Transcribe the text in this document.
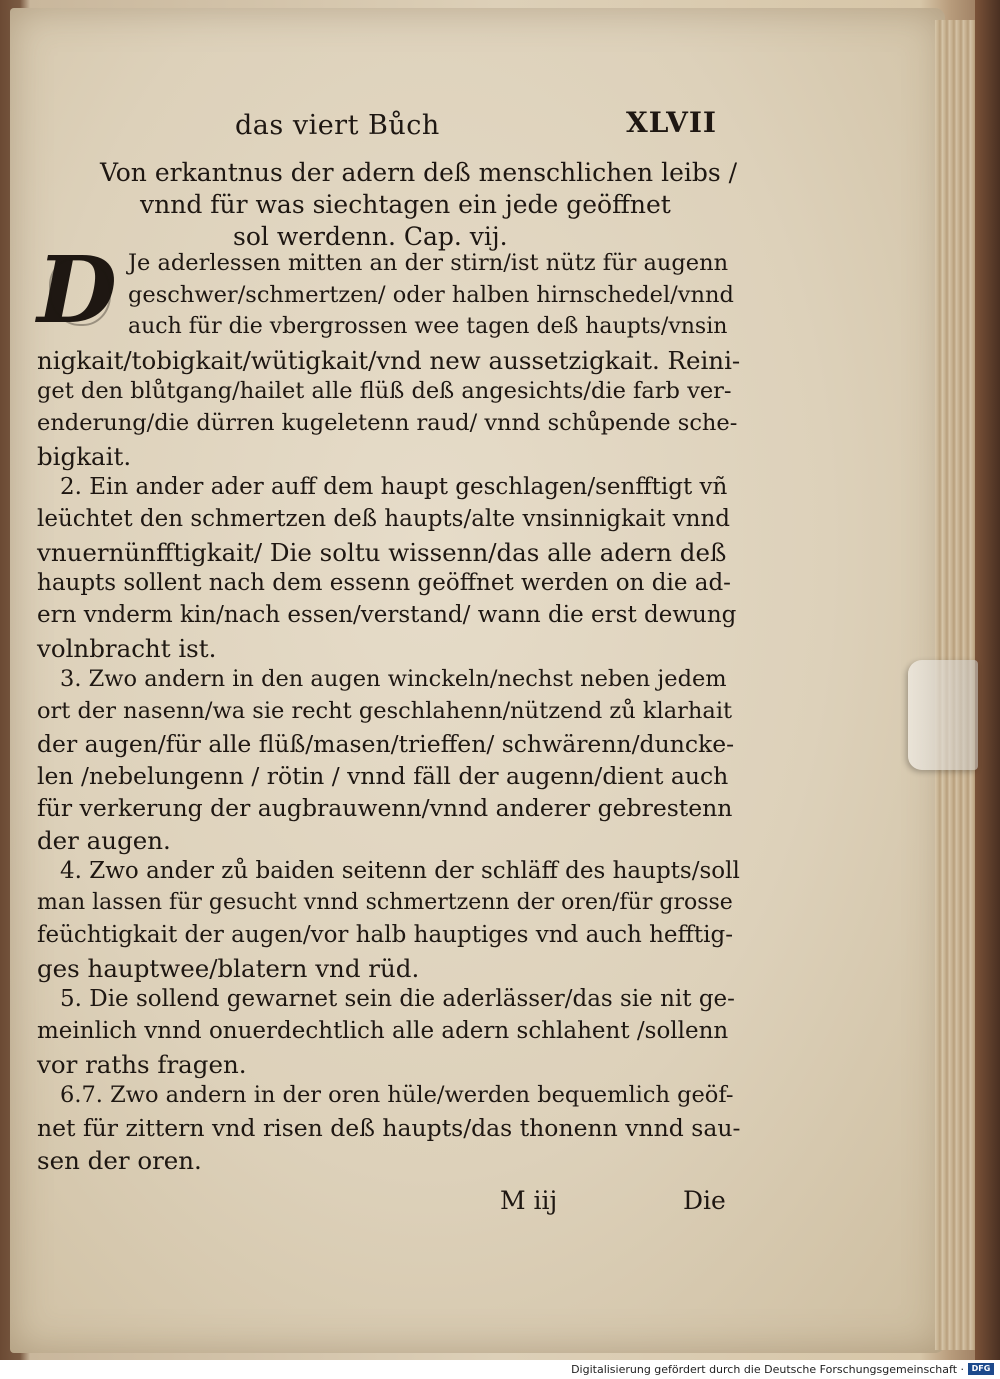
das viert Bůch	XLVII
Von erkantnus der adern deß menschlichen leibs /
vnnd für was siechtagen ein jede geöffnet
sol werdenn. Cap. vij.
D Je aderlessen mitten an der stirn/ist nütz für augenn
geschwer/schmertzen/ oder halben hirnschedel/vnnd
auch für die vbergrossen wee tagen deß haupts/vnsin
nigkait/tobigkait/wütigkait/vnd new aussetzigkait. Reini-
get den blůtgang/hailet alle flüß deß angesichts/die farb ver-
enderung/die dürren kugeletenn raud/ vnnd schůpende sche-
bigkait.
2. Ein ander ader auff dem haupt geschlagen/senfftigt vñ
leüchtet den schmertzen deß haupts/alte vnsinnigkait vnnd
vnuernünfftigkait/ Die soltu wissenn/das alle adern deß
haupts sollent nach dem essenn geöffnet werden on die ad-
ern vnderm kin/nach essen/verstand/ wann die erst dewung
volnbracht ist.
3. Zwo andern in den augen winckeln/nechst neben jedem
ort der nasenn/wa sie recht geschlahenn/nützend zů klarhait
der augen/für alle flüß/masen/trieffen/ schwärenn/duncke-
len /nebelungenn / rötin / vnnd fäll der augenn/dient auch
für verkerung der augbrauwenn/vnnd anderer gebrestenn
der augen.
4. Zwo ander zů baiden seitenn der schläff des haupts/soll
man lassen für gesucht vnnd schmertzenn der oren/für grosse
feüchtigkait der augen/vor halb hauptiges vnd auch hefftig-
ges hauptwee/blatern vnd rüd.
5. Die sollend gewarnet sein die aderlässer/das sie nit ge-
meinlich vnnd onuerdechtlich alle adern schlahent /sollenn
vor raths fragen.
6.7. Zwo andern in der oren hüle/werden bequemlich geöf-
net für zittern vnd risen deß haupts/das thonenn vnnd sau-
sen der oren.
M iij	Die
Digitalisierung gefördert durch die Deutsche Forschungsgemeinschaft · DFG
